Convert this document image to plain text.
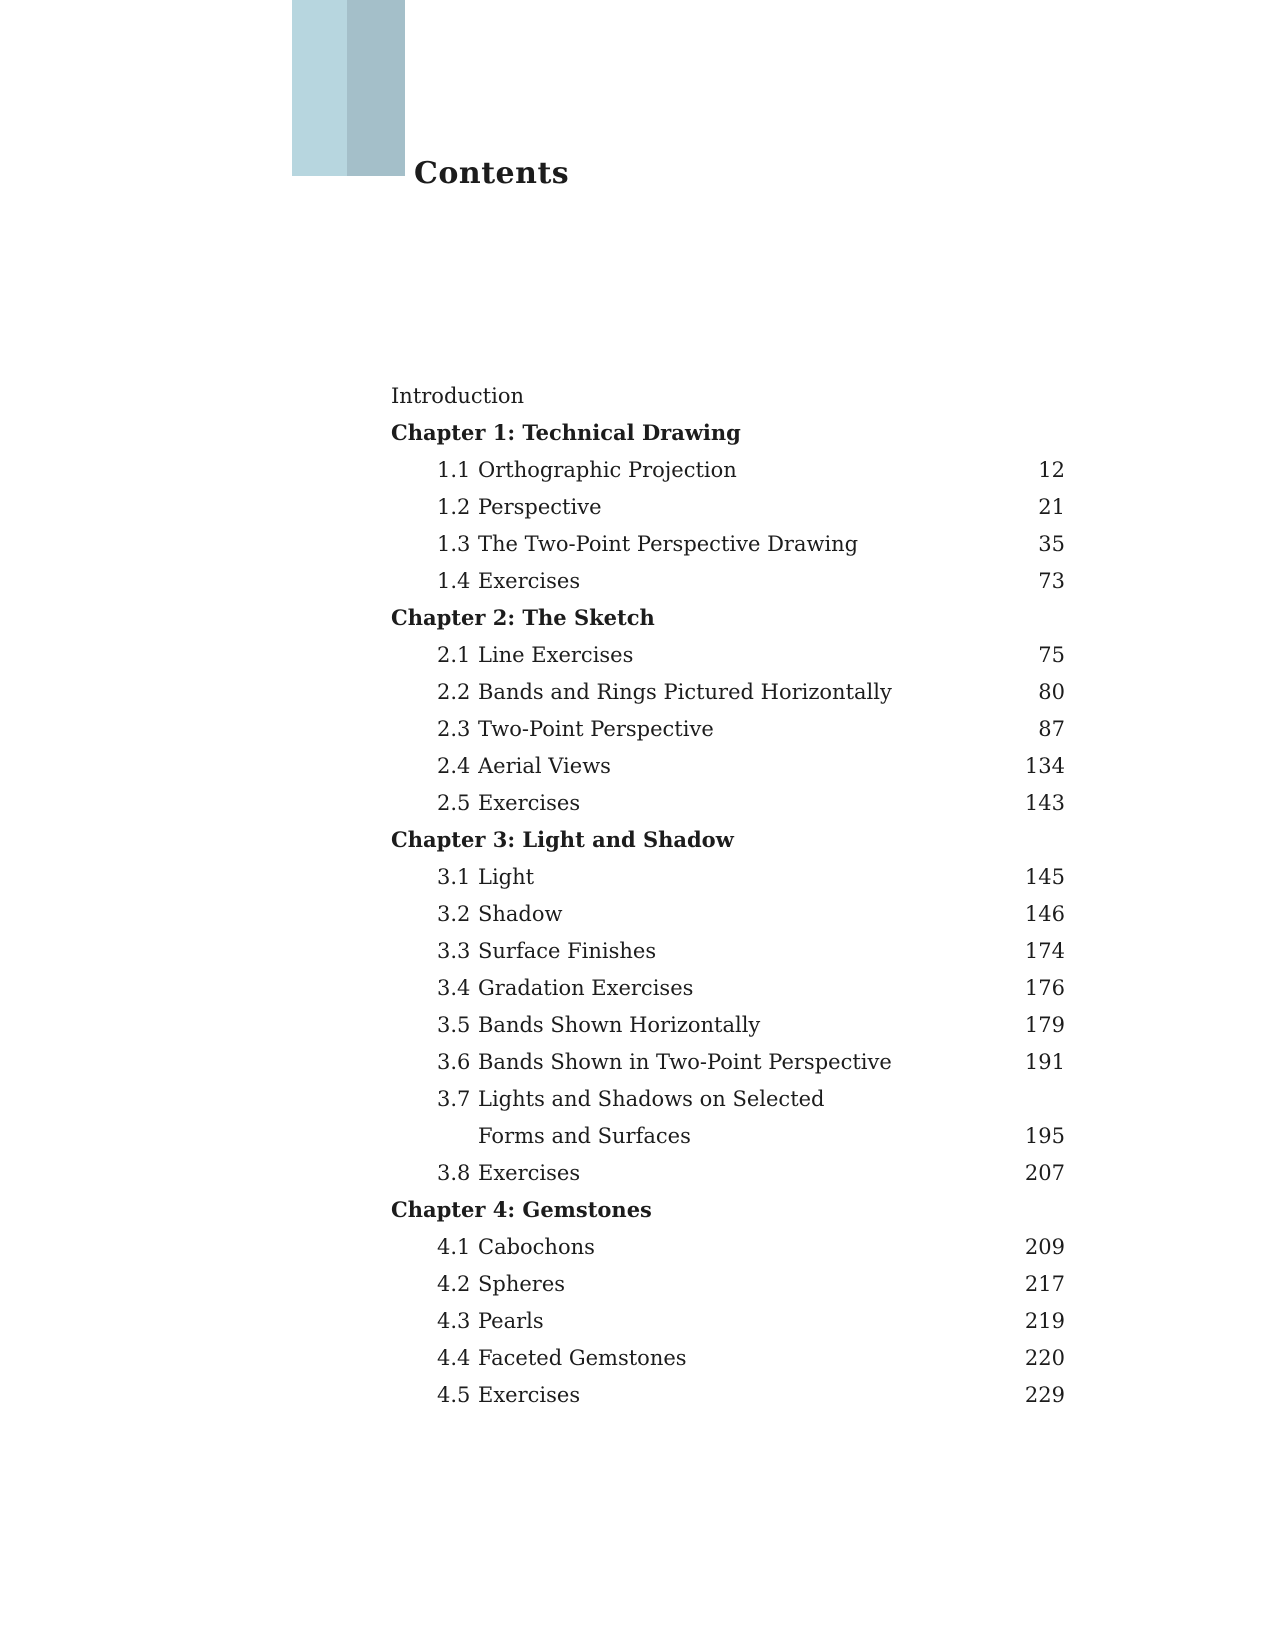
Contents
Introduction
Chapter 1: Technical Drawing
1.1 Orthographic Projection	12
1.2 Perspective	21
1.3 The Two-Point Perspective Drawing	35
1.4 Exercises	73
Chapter 2: The Sketch
2.1 Line Exercises	75
2.2 Bands and Rings Pictured Horizontally	80
2.3 Two-Point Perspective	87
2.4 Aerial Views	134
2.5 Exercises	143
Chapter 3: Light and Shadow
3.1 Light	145
3.2 Shadow	146
3.3 Surface Finishes	174
3.4 Gradation Exercises	176
3.5 Bands Shown Horizontally	179
3.6 Bands Shown in Two-Point Perspective	191
3.7 Lights and Shadows on Selected
Forms and Surfaces	195
3.8 Exercises	207
Chapter 4: Gemstones
4.1 Cabochons	209
4.2 Spheres	217
4.3 Pearls	219
4.4 Faceted Gemstones	220
4.5 Exercises	229
